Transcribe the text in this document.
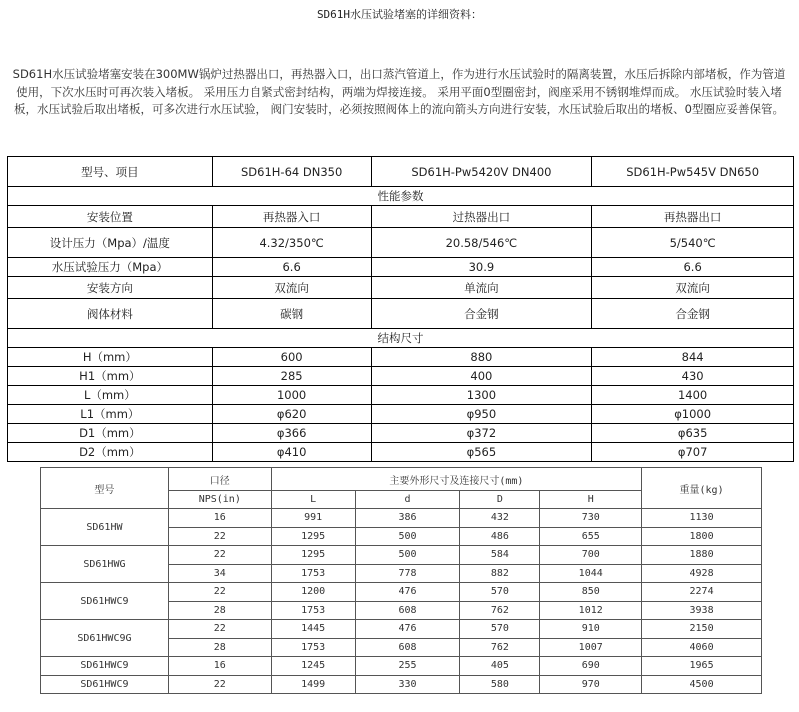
SD61H水压试验堵塞的详细资料：
SD61H水压试验堵塞安装在300MW锅炉过热器出口，再热器入口，出口蒸汽管道上，作为进行水压试验时的隔离装置，水压后拆除内部堵板，作为管道使用，下次水压时可再次装入堵板。 采用压力自紧式密封结构，两端为焊接连接。 采用平面0型圈密封，阀座采用不锈钢堆焊而成。 水压试验时装入堵板，水压试验后取出堵板，可多次进行水压试验， 阀门安装时，必须按照阀体上的流向箭头方向进行安装，水压试验后取出的堵板、0型圈应妥善保管。
型号、项目	SD61H-64 DN350	SD61H-Pw5420V DN400	SD61H-Pw545V DN650
性能参数			
安装位置	再热器入口	过热器出口	再热器出口
设计压力（Mpa）/温度	4.32/350℃	20.58/546℃	5/540℃
水压试验压力（Mpa）	6.6	30.9	6.6
安装方向	双流向	单流向	双流向
阀体材料	碳钢	合金钢	合金钢
结构尺寸			
H（mm）	600	880	844
H1（mm）	285	400	430
L（mm）	1000	1300	1400
L1（mm）	φ620	φ950	φ1000
D1（mm）	φ366	φ372	φ635
D2（mm）	φ410	φ565	φ707
型号	口径	主要外形尺寸及连接尺寸(mm)				重量(kg)
	NPS(in)	L	d	D	H	
SD61HW	16	991	386	432	730	1130
	22	1295	500	486	655	1800
SD61HWG	22	1295	500	584	700	1880
	34	1753	778	882	1044	4928
SD61HWC9	22	1200	476	570	850	2274
	28	1753	608	762	1012	3938
SD61HWC9G	22	1445	476	570	910	2150
	28	1753	608	762	1007	4060
SD61HWC9	16	1245	255	405	690	1965
SD61HWC9	22	1499	330	580	970	4500
